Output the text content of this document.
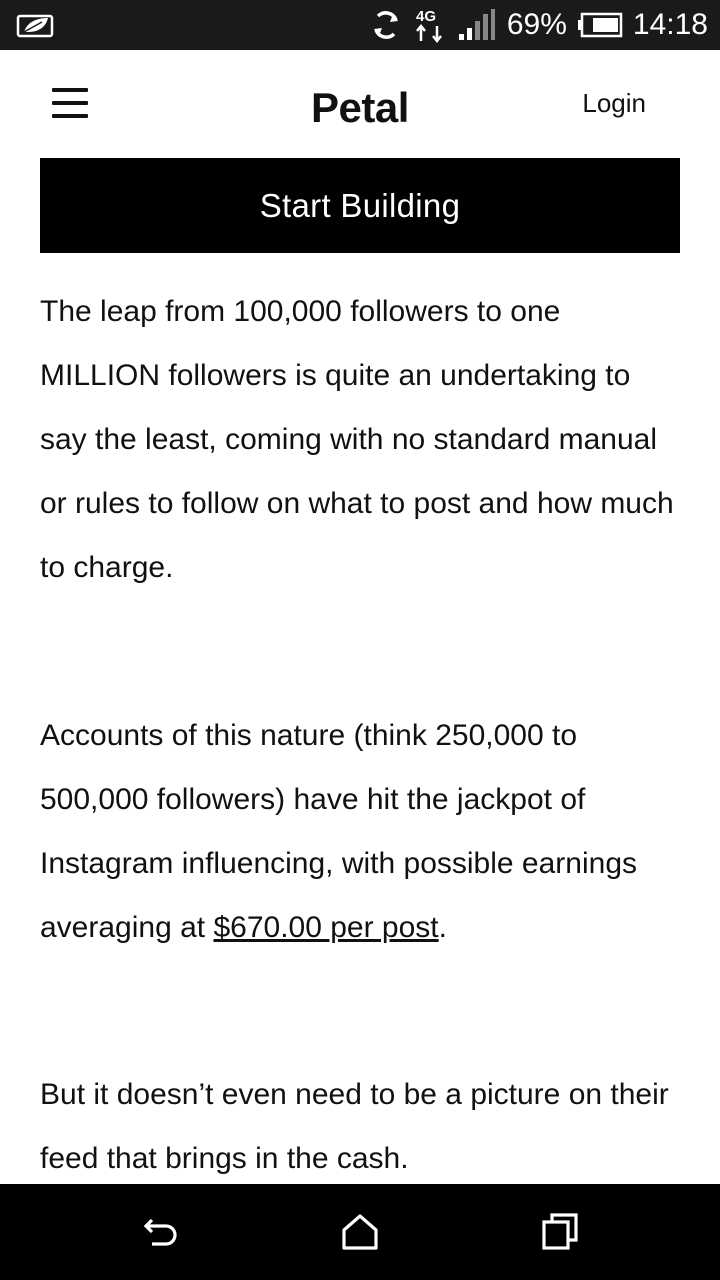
4G 69% 14:18
Petal	Login
Start Building

The leap from 100,000 followers to one MILLION followers is quite an undertaking to say the least, coming with no standard manual or rules to follow on what to post and how much to charge.

Accounts of this nature (think 250,000 to 500,000 followers) have hit the jackpot of Instagram influencing, with possible earnings averaging at $670.00 per post.

But it doesn’t even need to be a picture on their feed that brings in the cash.
